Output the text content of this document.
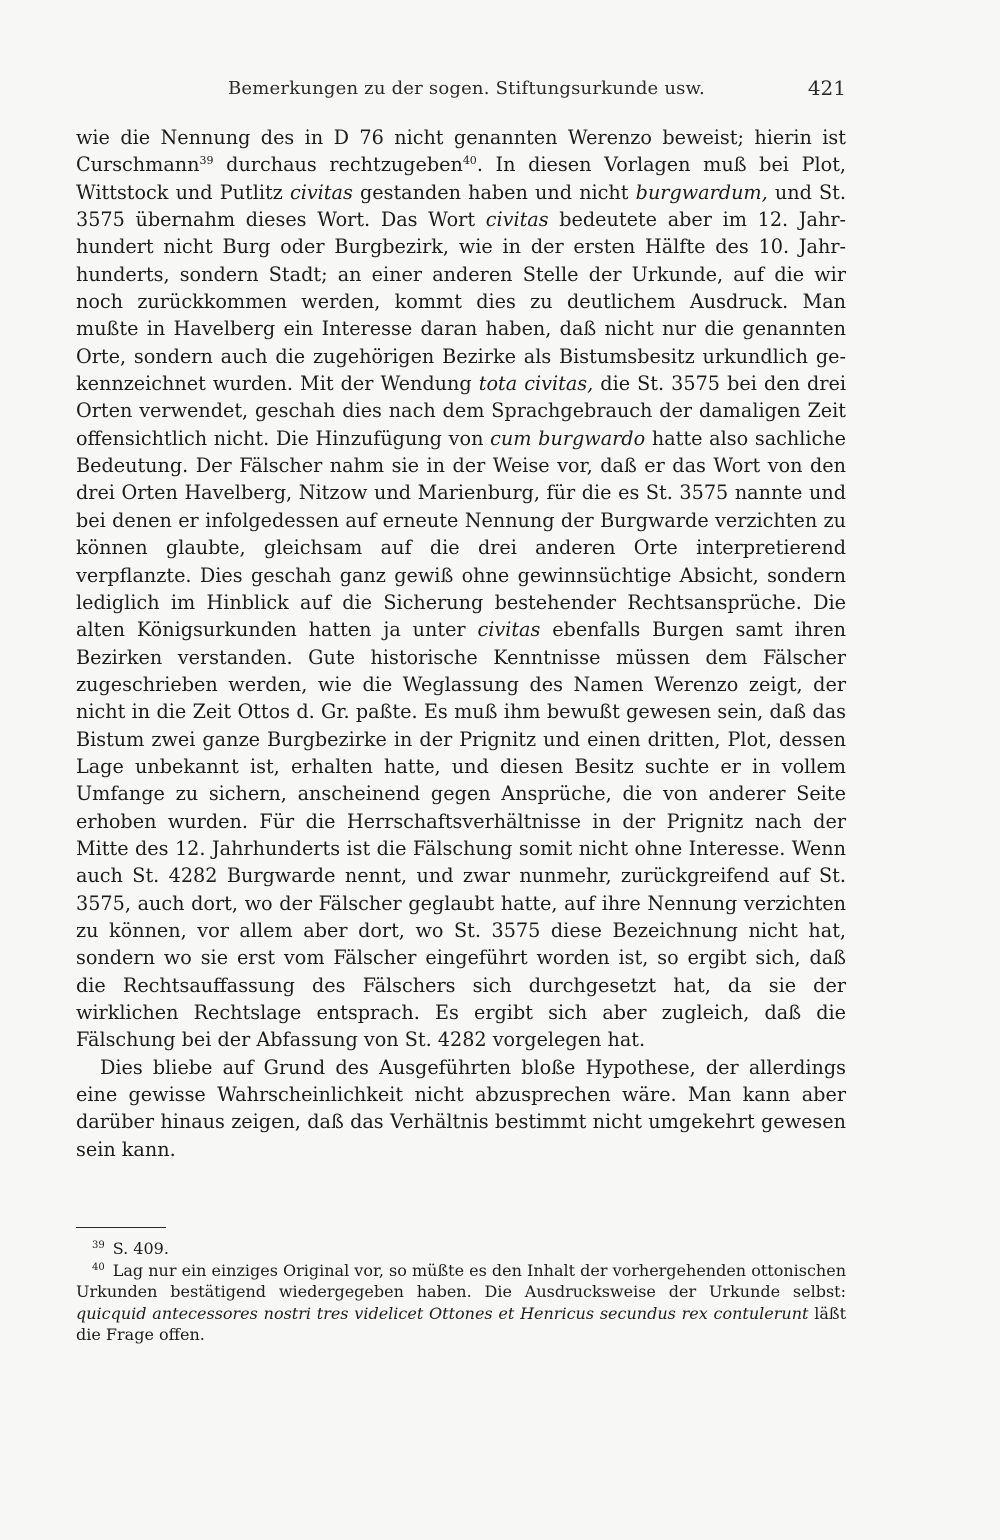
Bemerkungen zu der sogen. Stiftungsurkunde usw.	421

wie die Nennung des in D 76 nicht genannten Werenzo beweist; hierin ist Curschmann$^{39}$ durchaus rechtzugeben$^{40}$. In diesen Vorlagen muß bei Plot, Wittstock und Putlitz civitas gestanden haben und nicht burgwardum, und St. 3575 übernahm dieses Wort. Das Wort civitas bedeutete aber im 12. Jahrhundert nicht Burg oder Burgbezirk, wie in der ersten Hälfte des 10. Jahrhunderts, sondern Stadt; an einer anderen Stelle der Urkunde, auf die wir noch zurückkommen werden, kommt dies zu deutlichem Ausdruck. Man mußte in Havelberg ein Interesse daran haben, daß nicht nur die genannten Orte, sondern auch die zugehörigen Bezirke als Bistumsbesitz urkundlich gekennzeichnet wurden. Mit der Wendung tota civitas, die St. 3575 bei den drei Orten verwendet, geschah dies nach dem Sprachgebrauch der damaligen Zeit offensichtlich nicht. Die Hinzufügung von cum burgwardo hatte also sachliche Bedeutung. Der Fälscher nahm sie in der Weise vor, daß er das Wort von den drei Orten Havelberg, Nitzow und Marienburg, für die es St. 3575 nannte und bei denen er infolgedessen auf erneute Nennung der Burgwarde verzichten zu können glaubte, gleichsam auf die drei anderen Orte interpretierend verpflanzte. Dies geschah ganz gewiß ohne gewinnsüchtige Absicht, sondern lediglich im Hinblick auf die Sicherung bestehender Rechtsansprüche. Die alten Königsurkunden hatten ja unter civitas ebenfalls Burgen samt ihren Bezirken verstanden. Gute historische Kenntnisse müssen dem Fälscher zugeschrieben werden, wie die Weglassung des Namen Werenzo zeigt, der nicht in die Zeit Ottos d. Gr. paßte. Es muß ihm bewußt gewesen sein, daß das Bistum zwei ganze Burgbezirke in der Prignitz und einen dritten, Plot, dessen Lage unbekannt ist, erhalten hatte, und diesen Besitz suchte er in vollem Umfange zu sichern, anscheinend gegen Ansprüche, die von anderer Seite erhoben wurden. Für die Herrschaftsverhältnisse in der Prignitz nach der Mitte des 12. Jahrhunderts ist die Fälschung somit nicht ohne Interesse. Wenn auch St. 4282 Burgwarde nennt, und zwar nunmehr, zurückgreifend auf St. 3575, auch dort, wo der Fälscher geglaubt hatte, auf ihre Nennung verzichten zu können, vor allem aber dort, wo St. 3575 diese Bezeichnung nicht hat, sondern wo sie erst vom Fälscher eingeführt worden ist, so ergibt sich, daß die Rechtsauffassung des Fälschers sich durchgesetzt hat, da sie der wirklichen Rechtslage entsprach. Es ergibt sich aber zugleich, daß die Fälschung bei der Abfassung von St. 4282 vorgelegen hat.

Dies bliebe auf Grund des Ausgeführten bloße Hypothese, der allerdings eine gewisse Wahrscheinlichkeit nicht abzusprechen wäre. Man kann aber darüber hinaus zeigen, daß das Verhältnis bestimmt nicht umgekehrt gewesen sein kann.

$^{39}$ S. 409.

$^{40}$ Lag nur ein einziges Original vor, so müßte es den Inhalt der vorhergehenden ottonischen Urkunden bestätigend wiedergegeben haben. Die Ausdrucksweise der Urkunde selbst: quicquid antecessores nostri tres videlicet Ottones et Henricus secundus rex contulerunt läßt die Frage offen.
